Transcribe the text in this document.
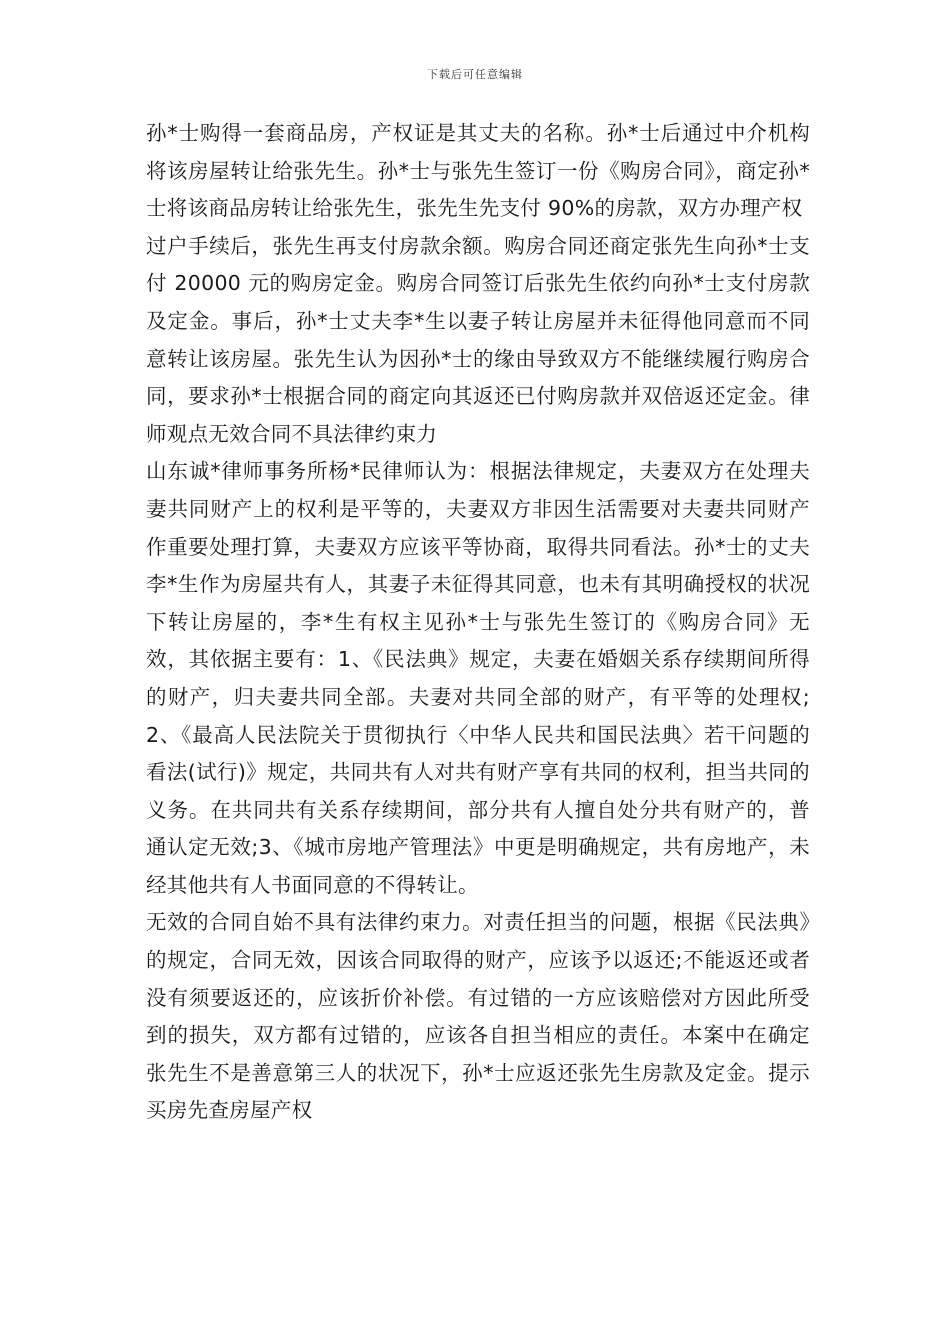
下载后可任意编辑

孙*士购得一套商品房，产权证是其丈夫的名称。孙*士后通过中介机构将该房屋转让给张先生。孙*士与张先生签订一份《购房合同》，商定孙*士将该商品房转让给张先生，张先生先支付 90%的房款，双方办理产权

过户手续后，张先生再支付房款余额。购房合同还商定张先生向孙*士支付 20000 元的购房定金。购房合同签订后张先生依约向孙*士支付房款及定金。事后，孙*士丈夫李*生以妻子转让房屋并未征得他同意而不同意转让该房屋。张先生认为因孙*士的缘由导致双方不能继续履行购房合同，要求孙*士根据合同的商定向其返还已付购房款并双倍返还定金。律师观点无效合同不具法律约束力

山东诚*律师事务所杨*民律师认为：根据法律规定，夫妻双方在处理夫妻共同财产上的权利是平等的，夫妻双方非因生活需要对夫妻共同财产作重要处理打算，夫妻双方应该平等协商，取得共同看法。孙*士的丈夫李*生作为房屋共有人，其妻子未征得其同意，也未有其明确授权的状况下转让房屋的，李*生有权主见孙*士与张先生签订的《购房合同》无效，其依据主要有：1、《民法典》规定，夫妻在婚姻关系存续期间所得的财产，归夫妻共同全部。夫妻对共同全部的财产，有平等的处理权;2、《最高人民法院关于贯彻执行〈中华人民共和国民法典〉若干问题的看法(试行)》规定，共同共有人对共有财产享有共同的权利，担当共同的义务。在共同共有关系存续期间，部分共有人擅自处分共有财产的，普通认定无效;3、《城市房地产管理法》中更是明确规定，共有房地产，未经其他共有人书面同意的不得转让。

无效的合同自始不具有法律约束力。对责任担当的问题，根据《民法典》的规定，合同无效，因该合同取得的财产，应该予以返还;不能返还或者没有须要返还的，应该折价补偿。有过错的一方应该赔偿对方因此所受到的损失，双方都有过错的，应该各自担当相应的责任。本案中在确定张先生不是善意第三人的状况下，孙*士应返还张先生房款及定金。提示买房先查房屋产权
